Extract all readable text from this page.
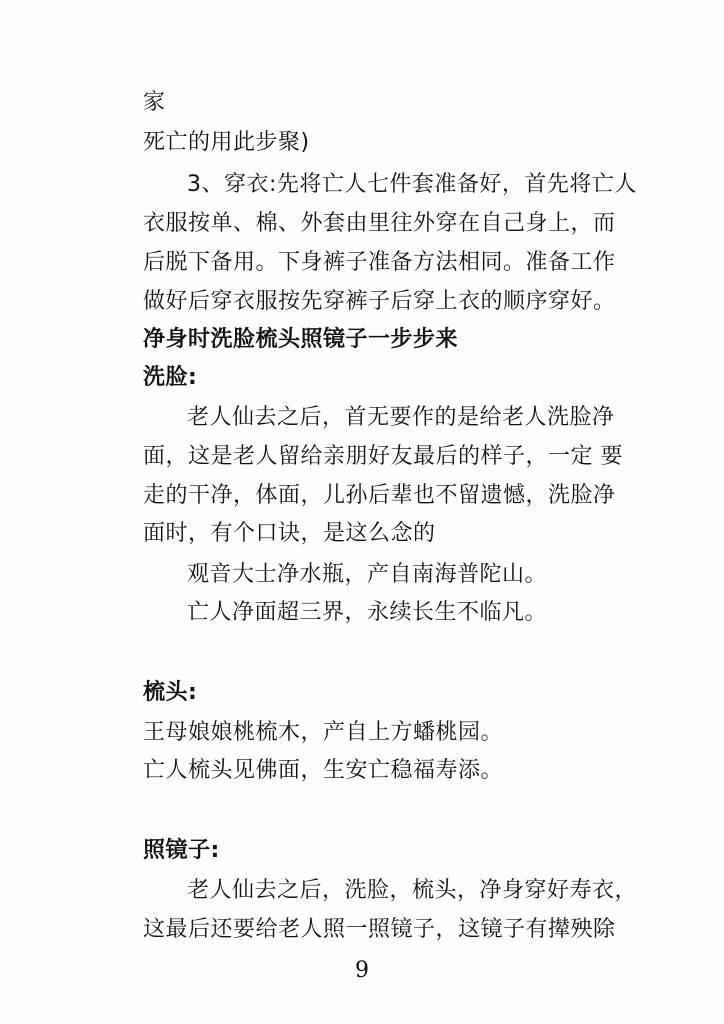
家
死亡的用此步聚)
3、穿衣:先将亡人七件套准备好，首先将亡人
衣服按单、棉、外套由里往外穿在自己身上，而
后脱下备用。下身裤子准备方法相同。准备工作
做好后穿衣服按先穿裤子后穿上衣的顺序穿好。
净身时洗脸梳头照镜子一步步来
洗脸:
老人仙去之后，首无要作的是给老人洗脸净
面，这是老人留给亲朋好友最后的样子，一定 要
走的干净，体面，儿孙后辈也不留遗憾，洗脸净
面时，有个口诀，是这么念的
观音大士净水瓶，产自南海普陀山。
亡人净面超三界，永续长生不临凡。
梳头:
王母娘娘桃梳木，产自上方蟠桃园。
亡人梳头见佛面，生安亡稳福寿添。
照镜子:
老人仙去之后，洗脸，梳头，净身穿好寿衣，
这最后还要给老人照一照镜子，这镜子有撵殃除
9
